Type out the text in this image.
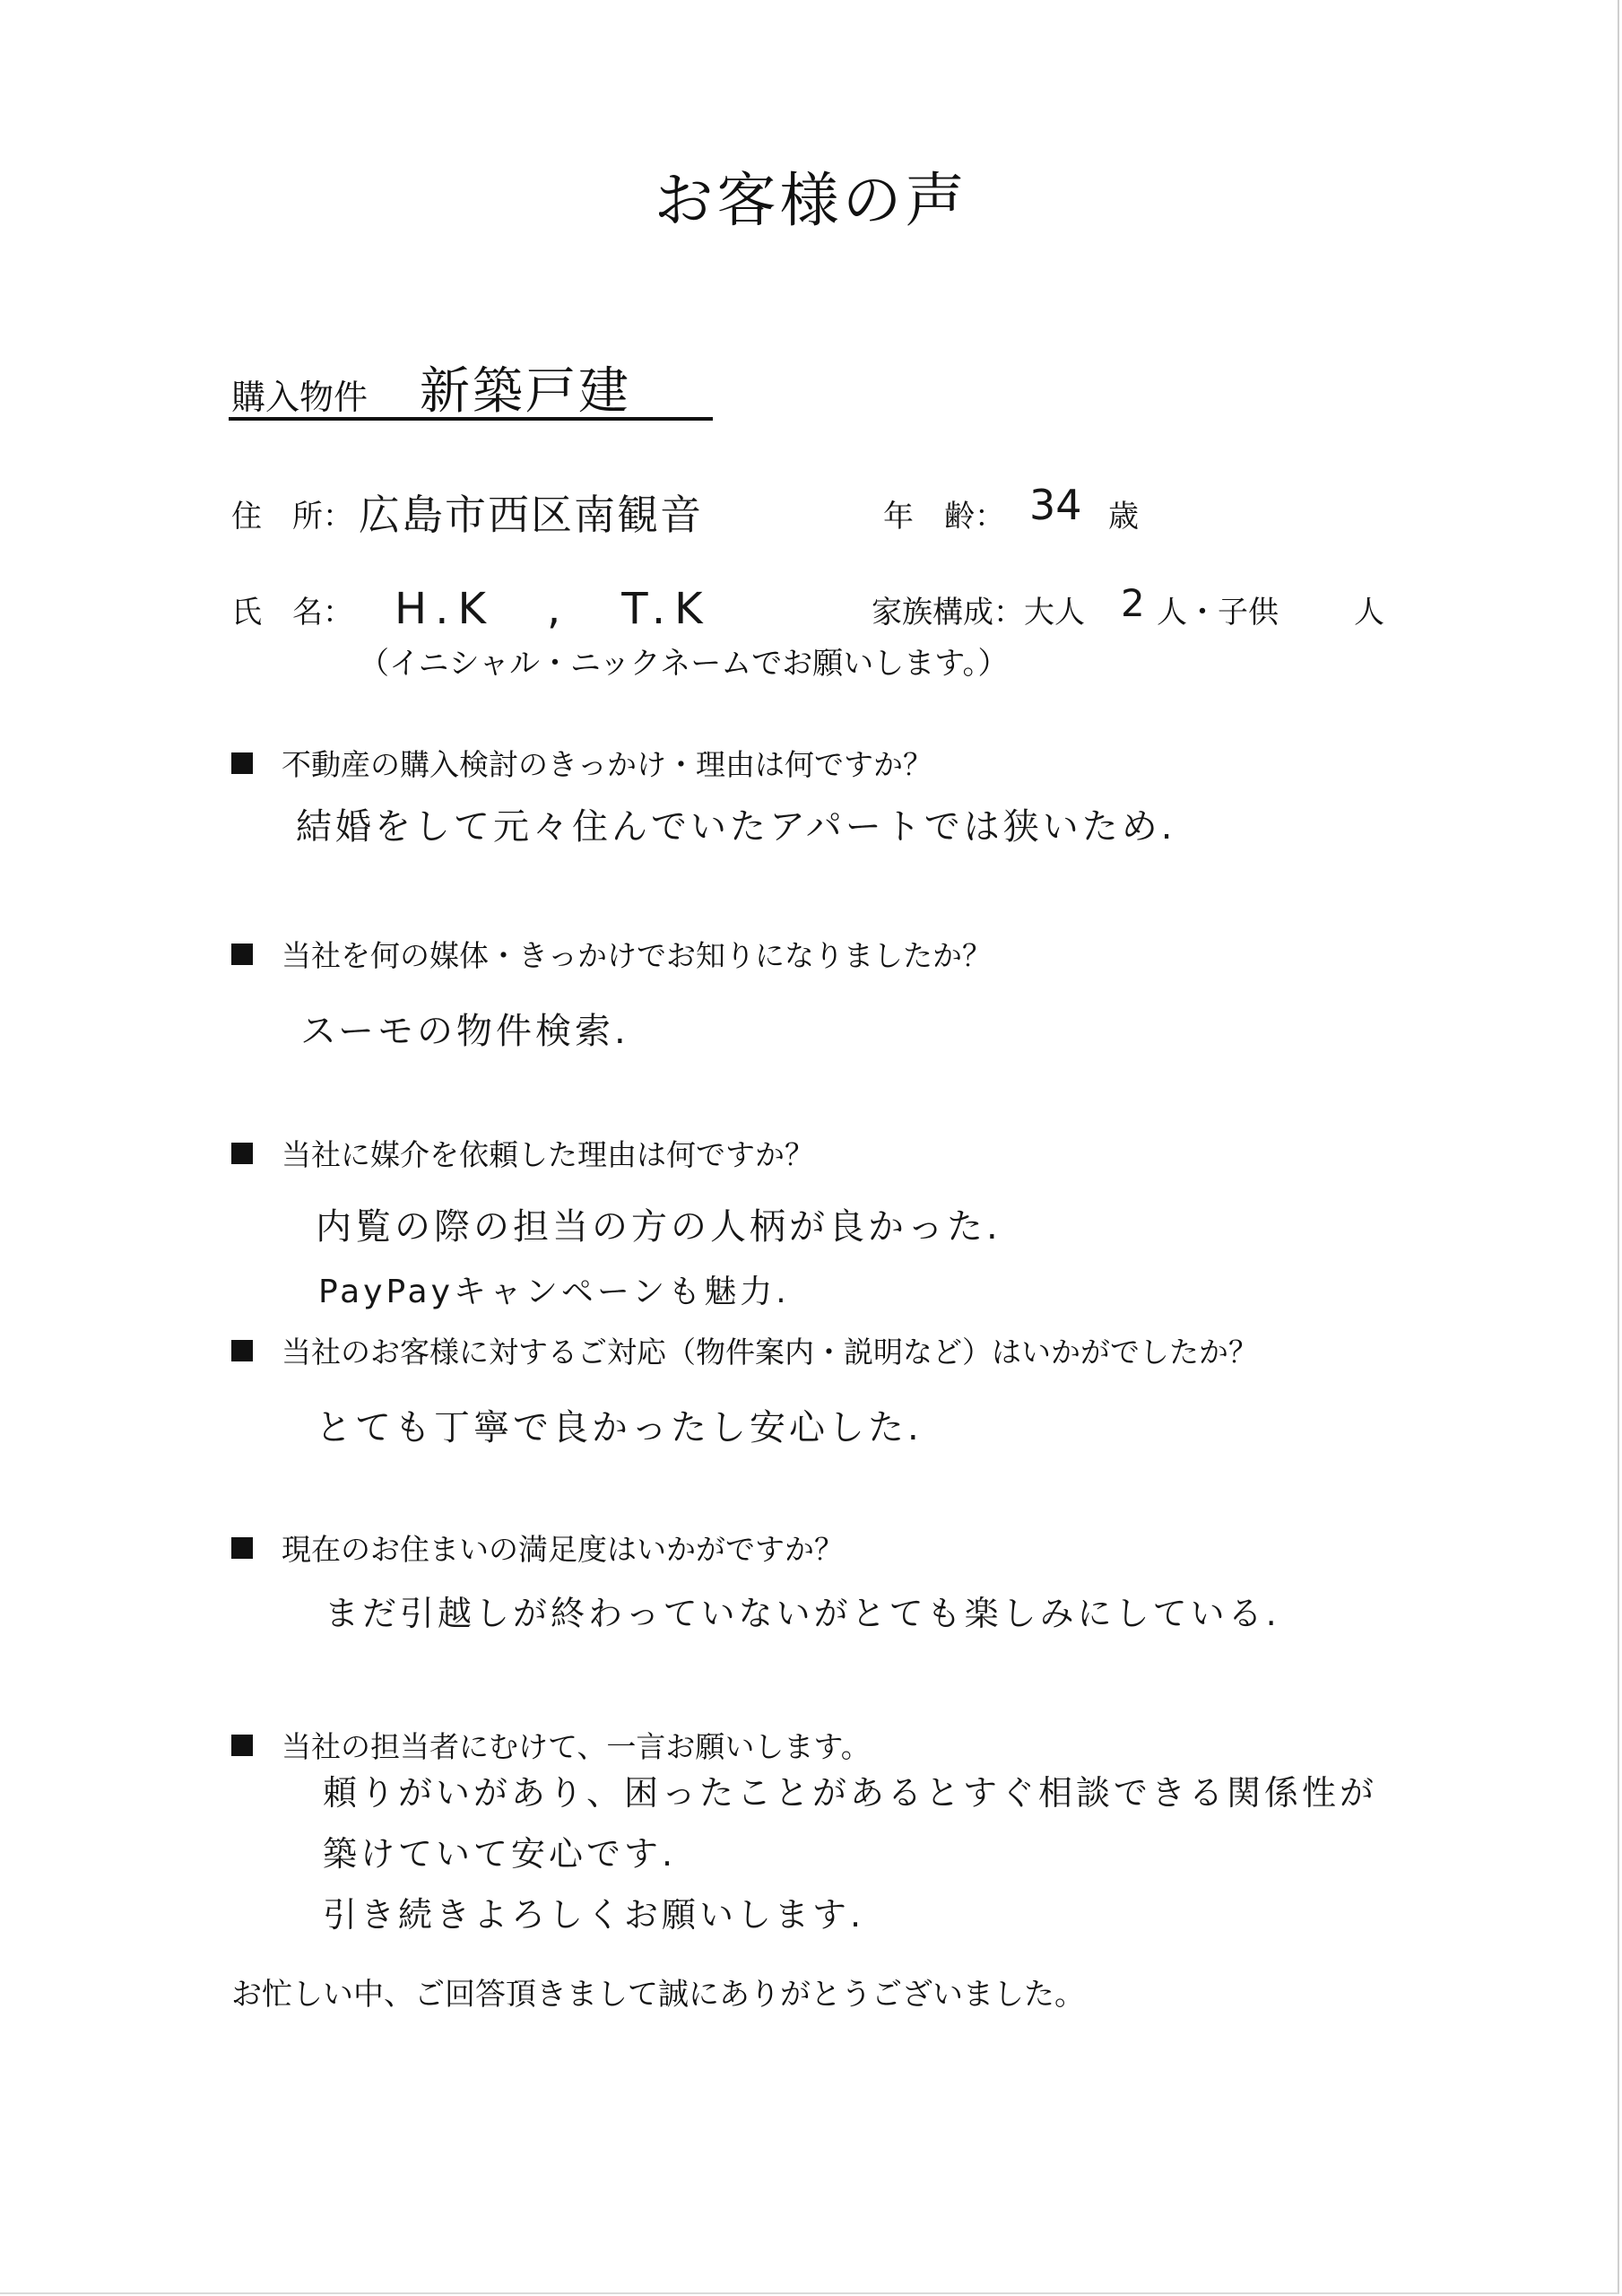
お客様の声
購入物件 新築戸建
住　所： 広島市西区南観音	年　齢： 34 歳
氏　名： H.K　,　T.K
（イニシャル・ニックネームでお願いします。）
家族構成：大人 2 人・子供 人
不動産の購入検討のきっかけ・理由は何ですか？
結婚をして元々住んでいたアパートでは狭いため.
当社を何の媒体・きっかけでお知りになりましたか？
スーモの物件検索.
当社に媒介を依頼した理由は何ですか？
内覧の際の担当の方の人柄が良かった.
PayPayキャンペーンも魅力.
当社のお客様に対するご対応（物件案内・説明など）はいかがでしたか？
とても丁寧で良かったし安心した.
現在のお住まいの満足度はいかがですか？
まだ引越しが終わっていないがとても楽しみにしている.
当社の担当者にむけて、一言お願いします。
頼りがいがあり、困ったことがあるとすぐ相談できる関係性が
築けていて安心です.
引き続きよろしくお願いします.
お忙しい中、ご回答頂きまして誠にありがとうございました。
